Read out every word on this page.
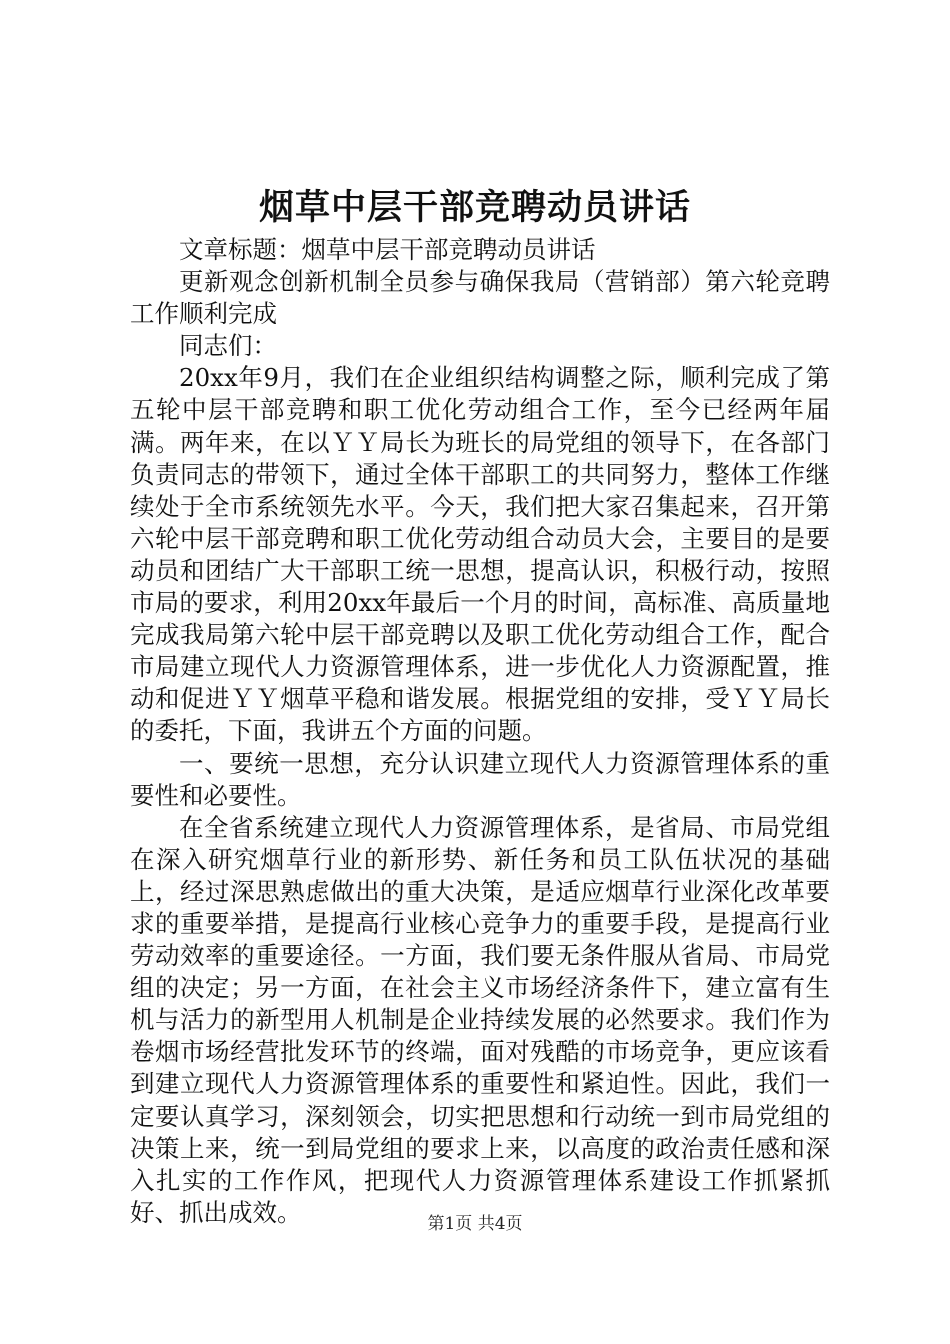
烟草中层干部竞聘动员讲话

文章标题：烟草中层干部竞聘动员讲话

更新观念创新机制全员参与确保我局（营销部）第六轮竞聘工作顺利完成

同志们：

20xx年9月，我们在企业组织结构调整之际，顺利完成了第五轮中层干部竞聘和职工优化劳动组合工作，至今已经两年届满。两年来，在以ＹＹ局长为班长的局党组的领导下，在各部门负责同志的带领下，通过全体干部职工的共同努力，整体工作继续处于全市系统领先水平。今天，我们把大家召集起来，召开第六轮中层干部竞聘和职工优化劳动组合动员大会，主要目的是要动员和团结广大干部职工统一思想，提高认识，积极行动，按照市局的要求，利用20xx年最后一个月的时间，高标准、高质量地完成我局第六轮中层干部竞聘以及职工优化劳动组合工作，配合市局建立现代人力资源管理体系，进一步优化人力资源配置，推动和促进ＹＹ烟草平稳和谐发展。根据党组的安排，受ＹＹ局长的委托，下面，我讲五个方面的问题。

一、要统一思想，充分认识建立现代人力资源管理体系的重要性和必要性。

在全省系统建立现代人力资源管理体系，是省局、市局党组在深入研究烟草行业的新形势、新任务和员工队伍状况的基础上，经过深思熟虑做出的重大决策，是适应烟草行业深化改革要求的重要举措，是提高行业核心竞争力的重要手段，是提高行业劳动效率的重要途径。一方面，我们要无条件服从省局、市局党组的决定；另一方面，在社会主义市场经济条件下，建立富有生机与活力的新型用人机制是企业持续发展的必然要求。我们作为卷烟市场经营批发环节的终端，面对残酷的市场竞争，更应该看到建立现代人力资源管理体系的重要性和紧迫性。因此，我们一定要认真学习，深刻领会，切实把思想和行动统一到市局党组的决策上来，统一到局党组的要求上来，以高度的政治责任感和深入扎实的工作作风，把现代人力资源管理体系建设工作抓紧抓好、抓出成效。	第1页 共4页
